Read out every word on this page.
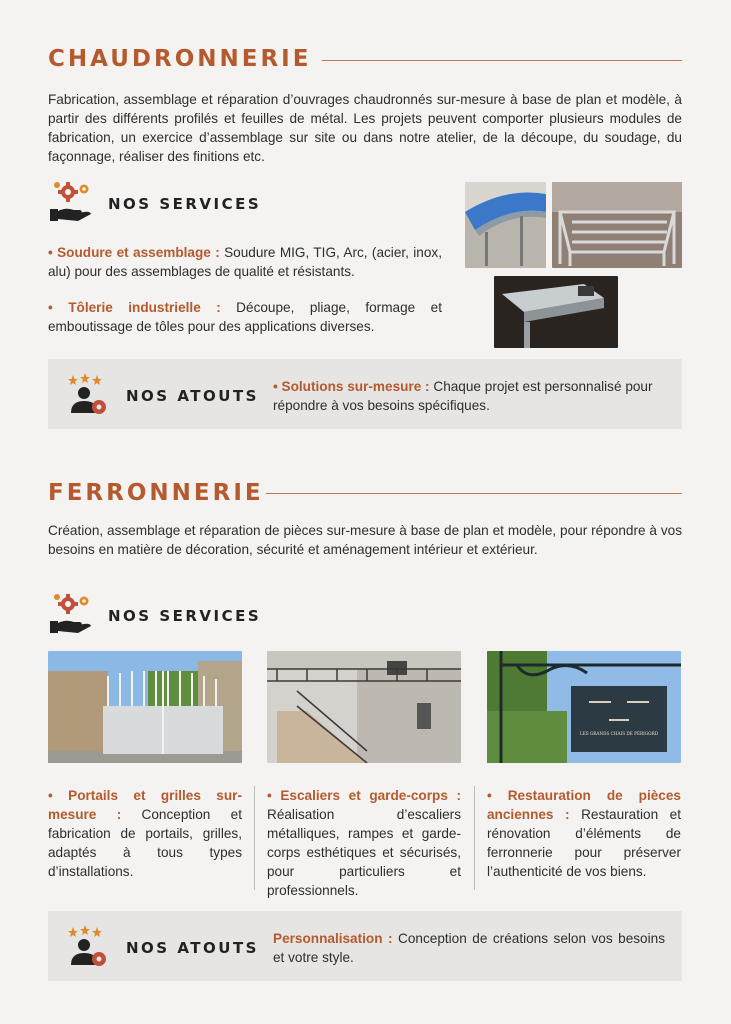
CHAUDRONNERIE
Fabrication, assemblage et réparation d’ouvrages chaudronnés sur-mesure à base de plan et modèle, à partir des différents profilés et feuilles de métal. Les projets peuvent comporter plusieurs modules de fabrication, un exercice d’assemblage sur site ou dans notre atelier, de la découpe, du soudage, du façonnage, réaliser des finitions etc.
NOS SERVICES
• Soudure et assemblage : Soudure MIG, TIG, Arc, (acier, inox, alu) pour des assemblages de qualité et résistants.
• Tôlerie industrielle : Découpe, pliage, formage et emboutissage de tôles pour des applications diverses.
NOS ATOUTS
• Solutions sur-mesure : Chaque projet est personnalisé pour répondre à vos besoins spécifiques.
FERRONNERIE
Création, assemblage et réparation de pièces sur-mesure à base de plan et modèle, pour répondre à vos besoins en matière de décoration, sécurité et aménagement intérieur et extérieur.
NOS SERVICES
LES GRANDS CHAIS DE PÉRIGORD
• Portails et grilles sur-mesure : Conception et fabrication de portails, grilles, adaptés à tous types d’installations.
• Escaliers et garde-corps : Réalisation d’escaliers métalliques, rampes et garde-corps esthétiques et sécurisés, pour particuliers et professionnels.
• Restauration de pièces anciennes : Restauration et rénovation d’éléments de ferronnerie pour préserver l’authenticité de vos biens.
NOS ATOUTS
Personnalisation : Conception de créations selon vos besoins et votre style.
